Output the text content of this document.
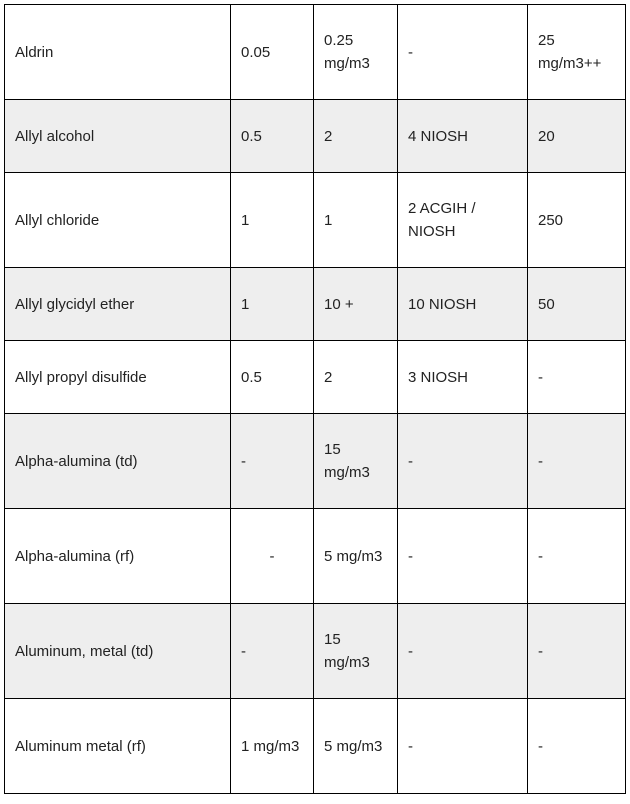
Aldrin	0.05	0.25 mg/m3	-	25 mg/m3++
Allyl alcohol	0.5	2	4 NIOSH	20
Allyl chloride	1	1	2 ACGIH / NIOSH	250
Allyl glycidyl ether	1	10 +	10 NIOSH	50
Allyl propyl disulfide	0.5	2	3 NIOSH	-
Alpha-alumina (td)	-	15 mg/m3	-	-
Alpha-alumina (rf)	-	5 mg/m3	-	-
Aluminum, metal (td)	-	15 mg/m3	-	-
Aluminum metal (rf)	1 mg/m3	5 mg/m3	-	-
